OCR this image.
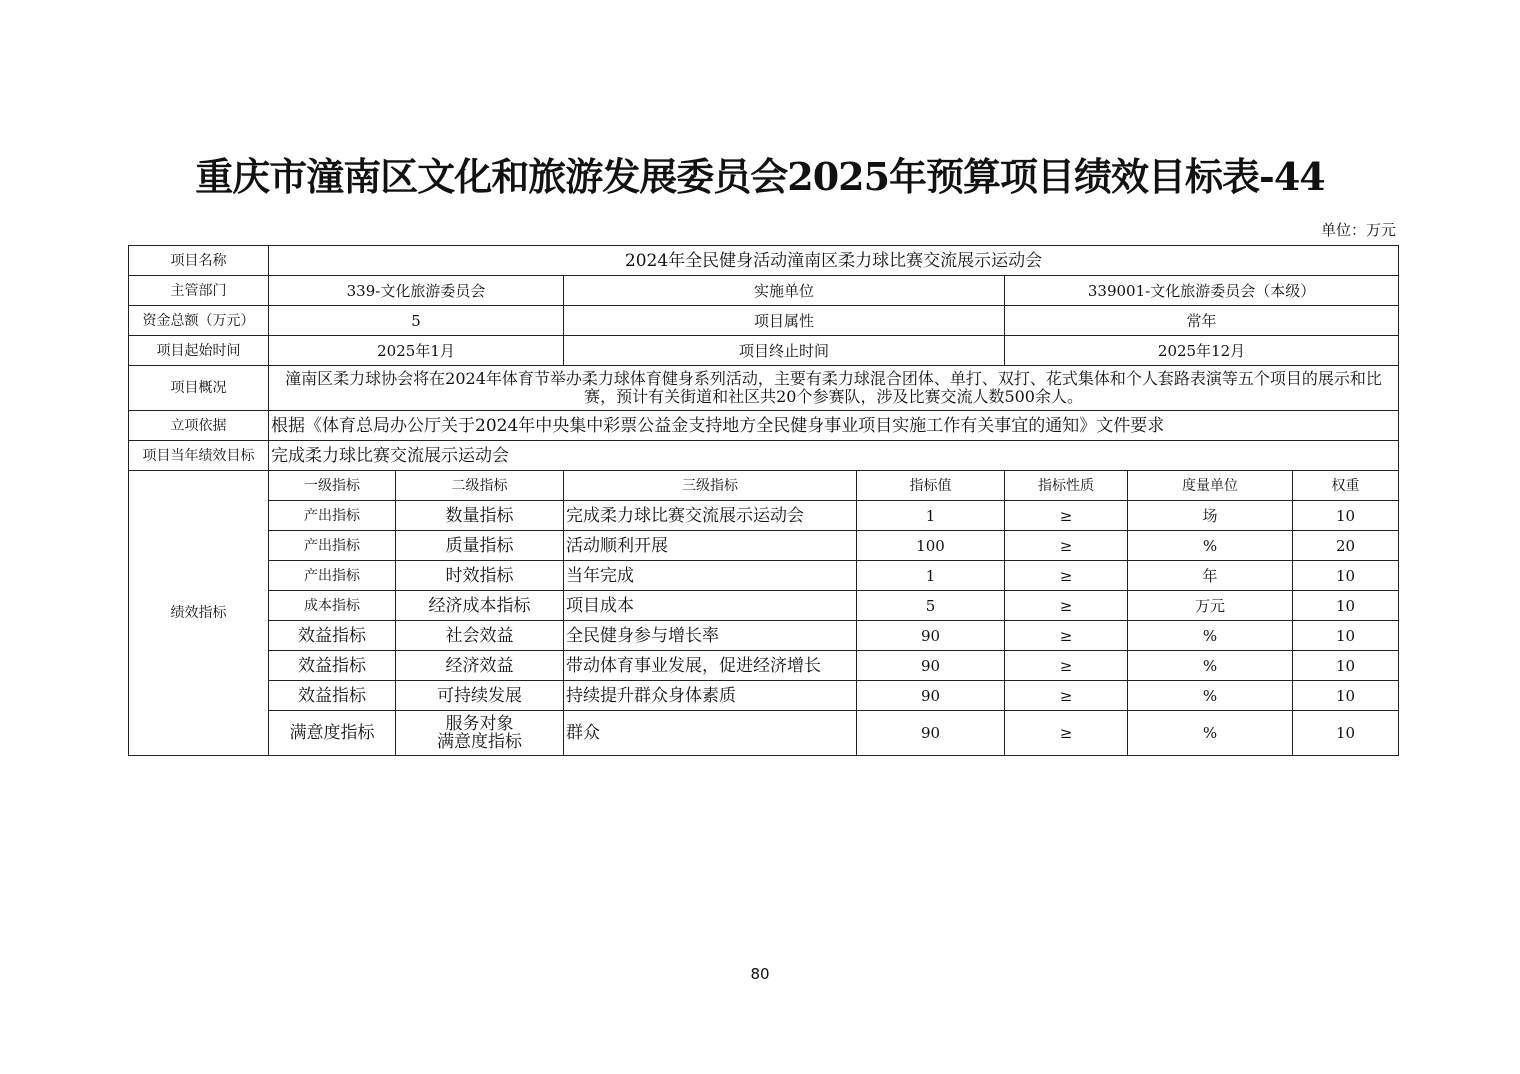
重庆市潼南区文化和旅游发展委员会2025年预算项目绩效目标表-44
单位：万元
项目名称	2024年全民健身活动潼南区柔力球比赛交流展示运动会						
主管部门	339-文化旅游委员会		实施单位		339001-文化旅游委员会（本级）		
资金总额（万元）	5		项目属性		常年		
项目起始时间	2025年1月		项目终止时间		2025年12月		
项目概况	潼南区柔力球协会将在2024年体育节举办柔力球体育健身系列活动，主要有柔力球混合团体、单打、双打、花式集体和个人套路表演等五个项目的展示和比赛，预计有关街道和社区共20个参赛队，涉及比赛交流人数500余人。						
立项依据	根据《体育总局办公厅关于2024年中央集中彩票公益金支持地方全民健身事业项目实施工作有关事宜的通知》文件要求						
项目当年绩效目标	完成柔力球比赛交流展示运动会						
绩效指标	一级指标	二级指标	三级指标	指标值	指标性质	度量单位	权重
	产出指标	数量指标	完成柔力球比赛交流展示运动会	1	≥	场	10
	产出指标	质量指标	活动顺利开展	100	≥	%	20
	产出指标	时效指标	当年完成	1	≥	年	10
	成本指标	经济成本指标	项目成本	5	≥	万元	10
	效益指标	社会效益	全民健身参与增长率	90	≥	%	10
	效益指标	经济效益	带动体育事业发展，促进经济增长	90	≥	%	10
	效益指标	可持续发展	持续提升群众身体素质	90	≥	%	10
	满意度指标	服务对象
满意度指标	群众	90	≥	%	10
80
